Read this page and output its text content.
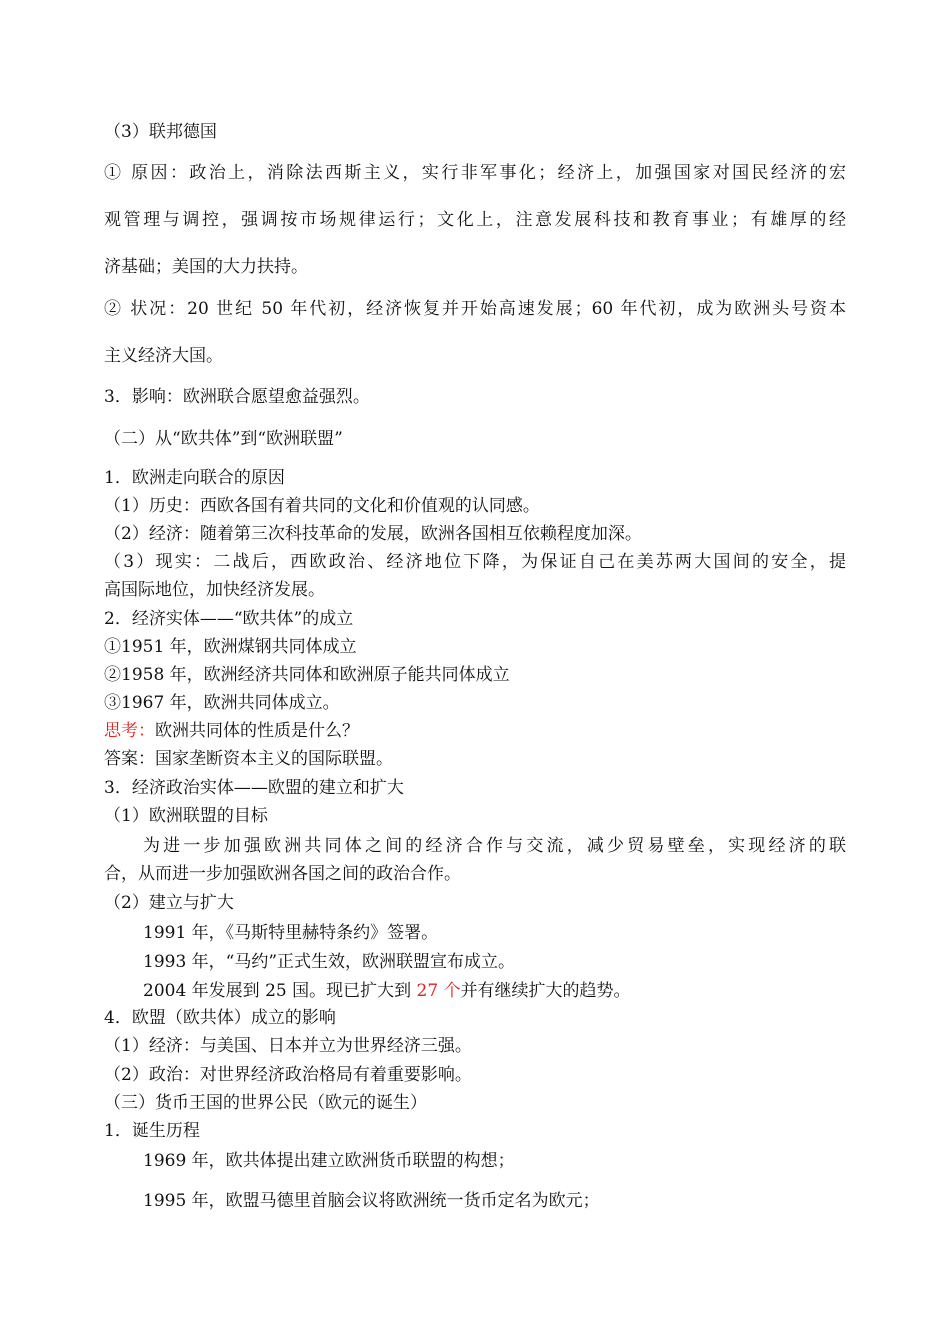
（3）联邦德国

① 原因：政治上，消除法西斯主义，实行非军事化；经济上，加强国家对国民经济的宏

观管理与调控，强调按市场规律运行；文化上，注意发展科技和教育事业；有雄厚的经

济基础；美国的大力扶持。

② 状况：20 世纪 50 年代初，经济恢复并开始高速发展；60 年代初，成为欧洲头号资本

主义经济大国。

3．影响：欧洲联合愿望愈益强烈。

（二）从“欧共体”到“欧洲联盟”

1．欧洲走向联合的原因

（1）历史：西欧各国有着共同的文化和价值观的认同感。

（2）经济：随着第三次科技革命的发展，欧洲各国相互依赖程度加深。

（3）现实：二战后，西欧政治、经济地位下降，为保证自己在美苏两大国间的安全，提

高国际地位，加快经济发展。

2．经济实体——“欧共体”的成立

①1951 年，欧洲煤钢共同体成立

②1958 年，欧洲经济共同体和欧洲原子能共同体成立

③1967 年，欧洲共同体成立。

思考：欧洲共同体的性质是什么？

答案：国家垄断资本主义的国际联盟。

3．经济政治实体——欧盟的建立和扩大

（1）欧洲联盟的目标

为进一步加强欧洲共同体之间的经济合作与交流，减少贸易壁垒，实现经济的联

合，从而进一步加强欧洲各国之间的政治合作。

（2）建立与扩大

1991 年，《马斯特里赫特条约》签署。

1993 年，“马约”正式生效，欧洲联盟宣布成立。

2004 年发展到 25 国。现已扩大到 27 个并有继续扩大的趋势。

4．欧盟（欧共体）成立的影响

（1）经济：与美国、日本并立为世界经济三强。

（2）政治：对世界经济政治格局有着重要影响。

（三）货币王国的世界公民（欧元的诞生）

1．诞生历程

1969 年，欧共体提出建立欧洲货币联盟的构想；

1995 年，欧盟马德里首脑会议将欧洲统一货币定名为欧元；
